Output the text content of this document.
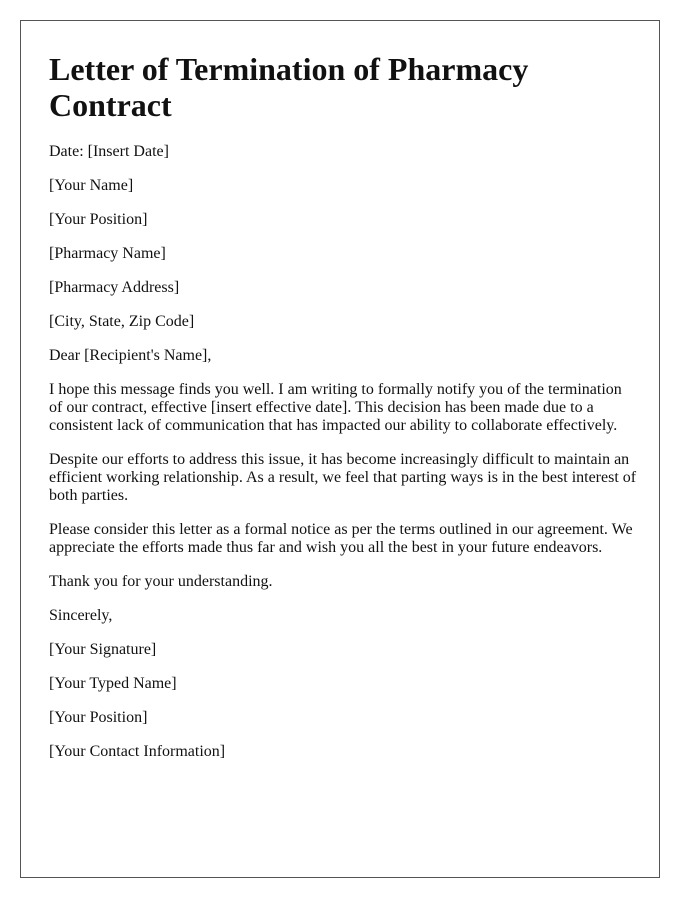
Letter of Termination of Pharmacy Contract
Date: [Insert Date]
[Your Name]
[Your Position]
[Pharmacy Name]
[Pharmacy Address]
[City, State, Zip Code]
Dear [Recipient's Name],

I hope this message finds you well. I am writing to formally notify you of the termination of our contract, effective [insert effective date]. This decision has been made due to a consistent lack of communication that has impacted our ability to collaborate effectively.

Despite our efforts to address this issue, it has become increasingly difficult to maintain an efficient working relationship. As a result, we feel that parting ways is in the best interest of both parties.

Please consider this letter as a formal notice as per the terms outlined in our agreement. We appreciate the efforts made thus far and wish you all the best in your future endeavors.

Thank you for your understanding.

Sincerely,
[Your Signature]
[Your Typed Name]
[Your Position]
[Your Contact Information]
